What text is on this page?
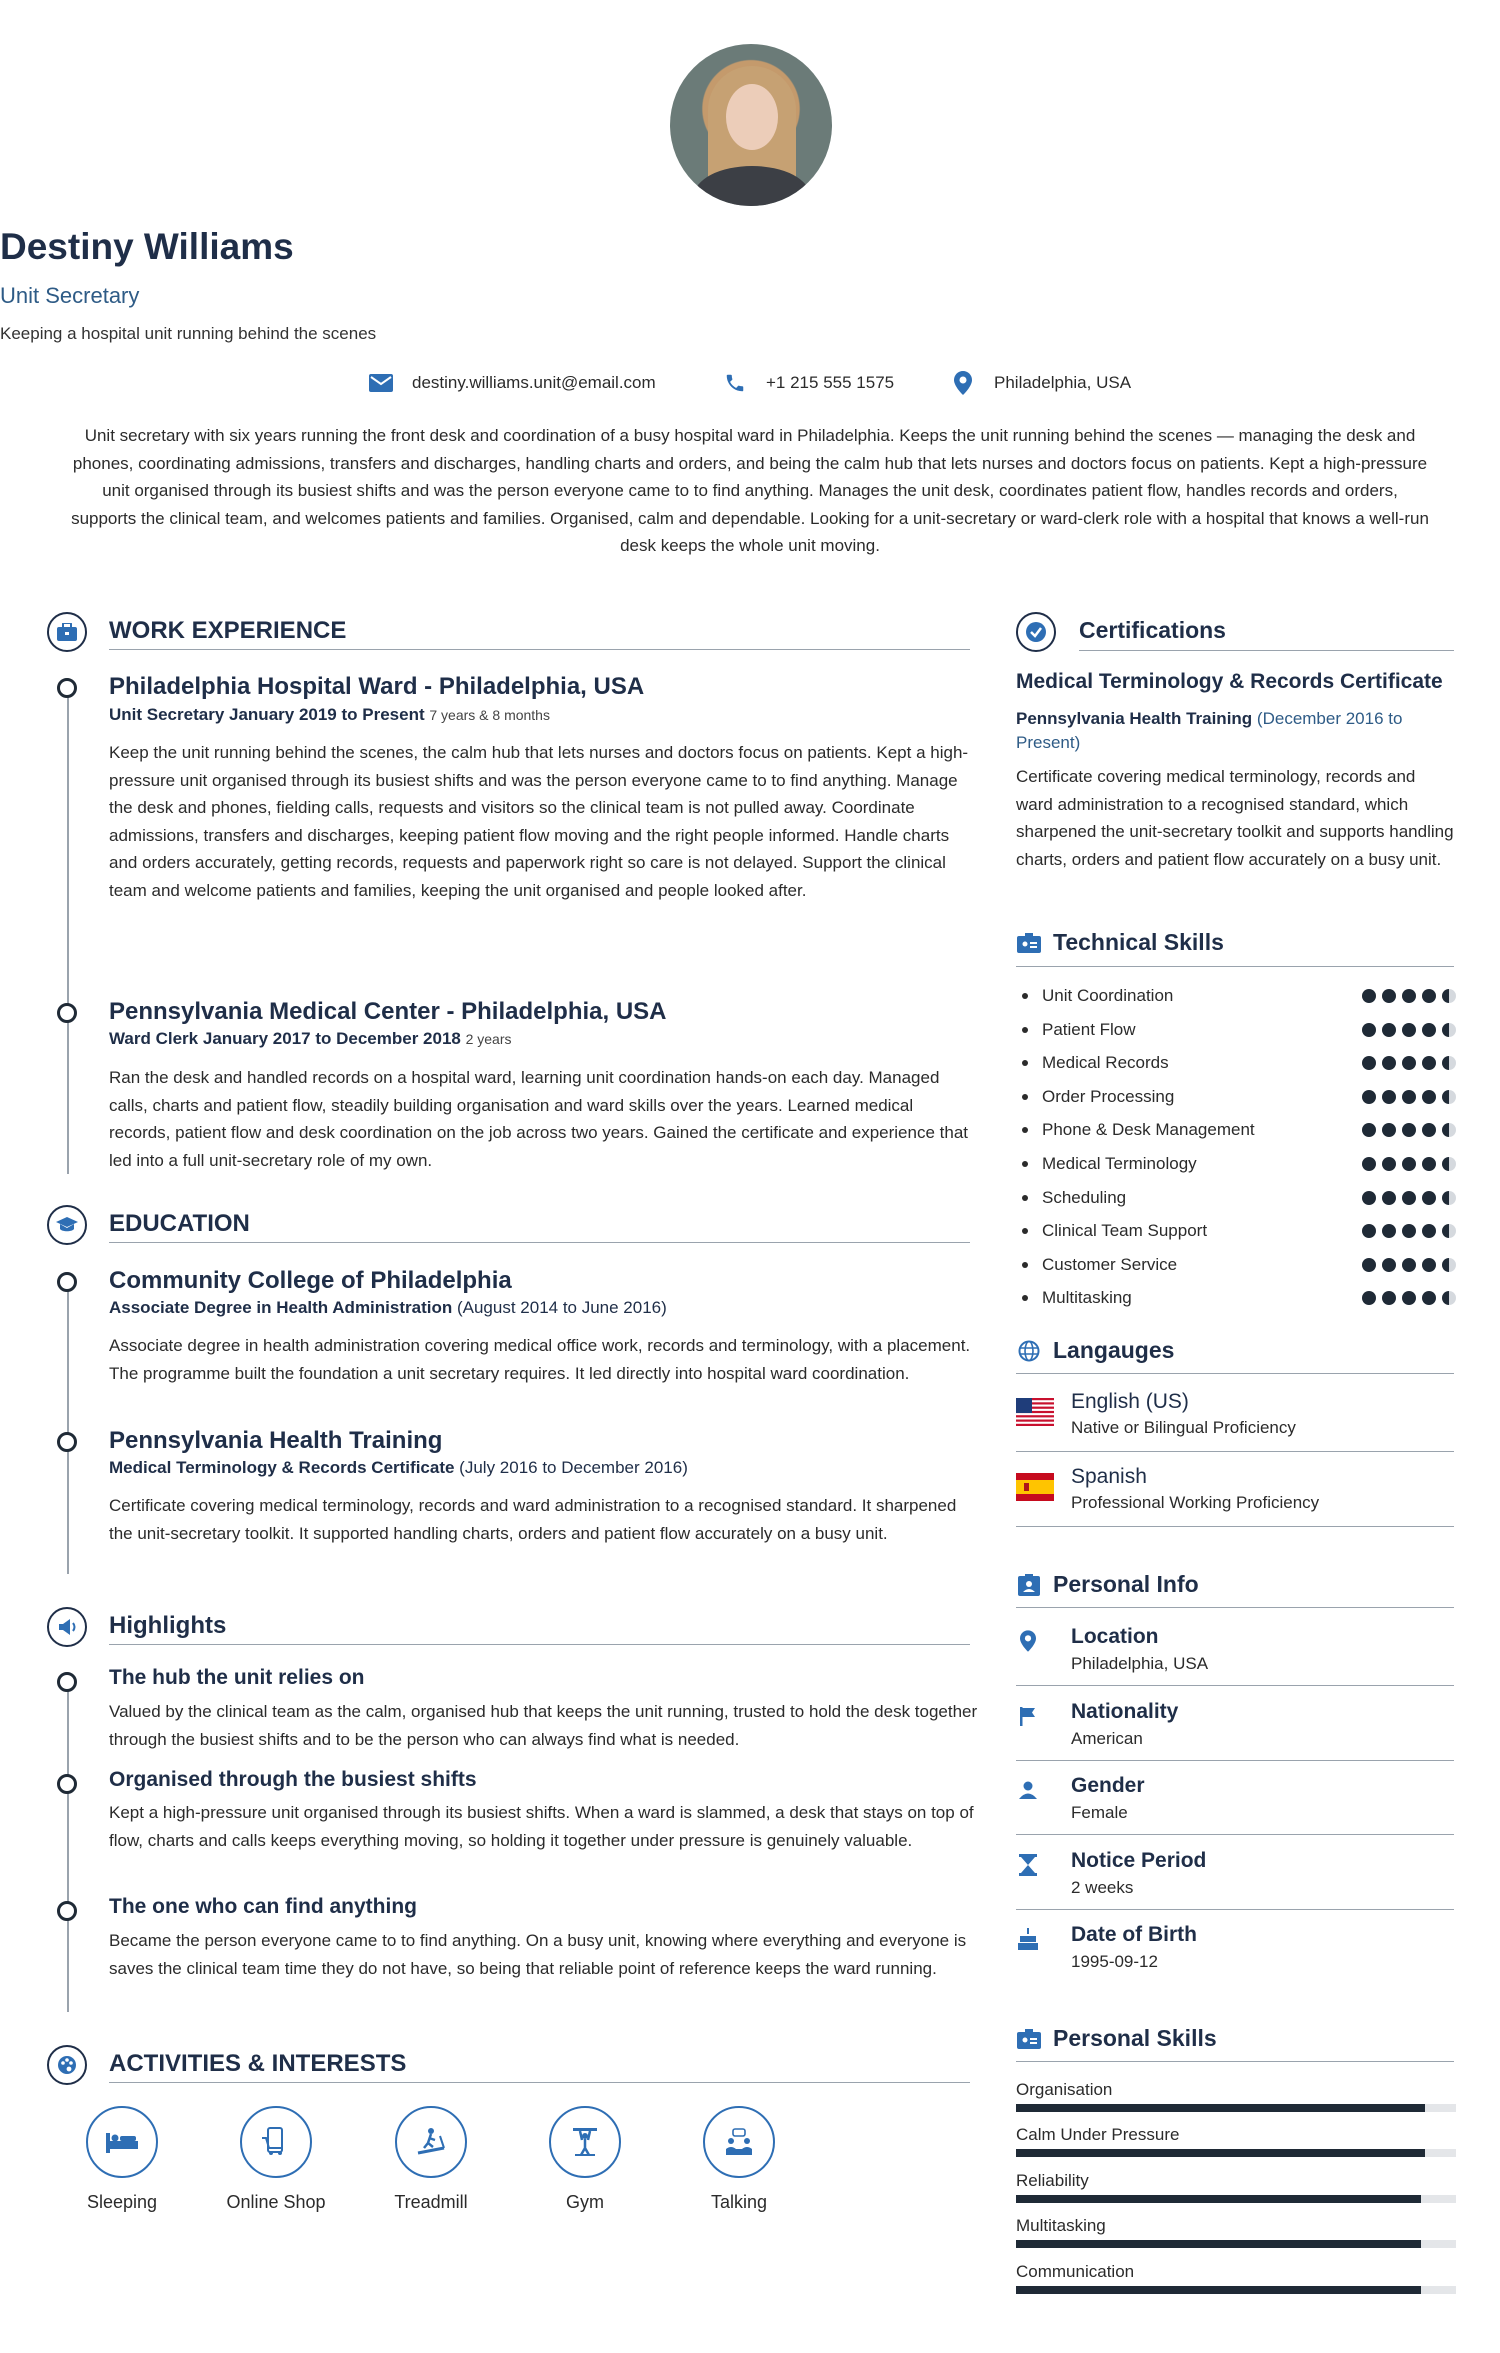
Destiny Williams
Unit Secretary
Keeping a hospital unit running behind the scenes
destiny.williams.unit@email.com	+1 215 555 1575	Philadelphia, USA
Unit secretary with six years running the front desk and coordination of a busy hospital ward in Philadelphia. Keeps the unit running behind the scenes — managing the desk and phones, coordinating admissions, transfers and discharges, handling charts and orders, and being the calm hub that lets nurses and doctors focus on patients. Kept a high-pressure unit organised through its busiest shifts and was the person everyone came to to find anything. Manages the unit desk, coordinates patient flow, handles records and orders, supports the clinical team, and welcomes patients and families. Organised, calm and dependable. Looking for a unit-secretary or ward-clerk role with a hospital that knows a well-run desk keeps the whole unit moving.
WORK EXPERIENCE
Philadelphia Hospital Ward - Philadelphia, USA
Unit Secretary January 2019 to Present 7 years & 8 months
Keep the unit running behind the scenes, the calm hub that lets nurses and doctors focus on patients. Kept a high-pressure unit organised through its busiest shifts and was the person everyone came to to find anything. Manage the desk and phones, fielding calls, requests and visitors so the clinical team is not pulled away. Coordinate admissions, transfers and discharges, keeping patient flow moving and the right people informed. Handle charts and orders accurately, getting records, requests and paperwork right so care is not delayed. Support the clinical team and welcome patients and families, keeping the unit organised and people looked after.
Pennsylvania Medical Center - Philadelphia, USA
Ward Clerk January 2017 to December 2018 2 years
Ran the desk and handled records on a hospital ward, learning unit coordination hands-on each day. Managed calls, charts and patient flow, steadily building organisation and ward skills over the years. Learned medical records, patient flow and desk coordination on the job across two years. Gained the certificate and experience that led into a full unit-secretary role of my own.
EDUCATION
Community College of Philadelphia
Associate Degree in Health Administration (August 2014 to June 2016)
Associate degree in health administration covering medical office work, records and terminology, with a placement. The programme built the foundation a unit secretary requires. It led directly into hospital ward coordination.
Pennsylvania Health Training
Medical Terminology & Records Certificate (July 2016 to December 2016)
Certificate covering medical terminology, records and ward administration to a recognised standard. It sharpened the unit-secretary toolkit. It supported handling charts, orders and patient flow accurately on a busy unit.
Highlights
The hub the unit relies on
Valued by the clinical team as the calm, organised hub that keeps the unit running, trusted to hold the desk together through the busiest shifts and to be the person who can always find what is needed.
Organised through the busiest shifts
Kept a high-pressure unit organised through its busiest shifts. When a ward is slammed, a desk that stays on top of flow, charts and calls keeps everything moving, so holding it together under pressure is genuinely valuable.
The one who can find anything
Became the person everyone came to to find anything. On a busy unit, knowing where everything and everyone is saves the clinical team time they do not have, so being that reliable point of reference keeps the ward running.
ACTIVITIES & INTERESTS
Sleeping	Online Shop	Treadmill	Gym	Talking
Certifications
Medical Terminology & Records Certificate
Pennsylvania Health Training (December 2016 to Present)
Certificate covering medical terminology, records and ward administration to a recognised standard, which sharpened the unit-secretary toolkit and supports handling charts, orders and patient flow accurately on a busy unit.
Technical Skills
Unit Coordination
Patient Flow
Medical Records
Order Processing
Phone & Desk Management
Medical Terminology
Scheduling
Clinical Team Support
Customer Service
Multitasking
Langauges
English (US)
Native or Bilingual Proficiency
Spanish
Professional Working Proficiency
Personal Info
Location
Philadelphia, USA
Nationality
American
Gender
Female
Notice Period
2 weeks
Date of Birth
1995-09-12
Personal Skills
Organisation
Calm Under Pressure
Reliability
Multitasking
Communication
